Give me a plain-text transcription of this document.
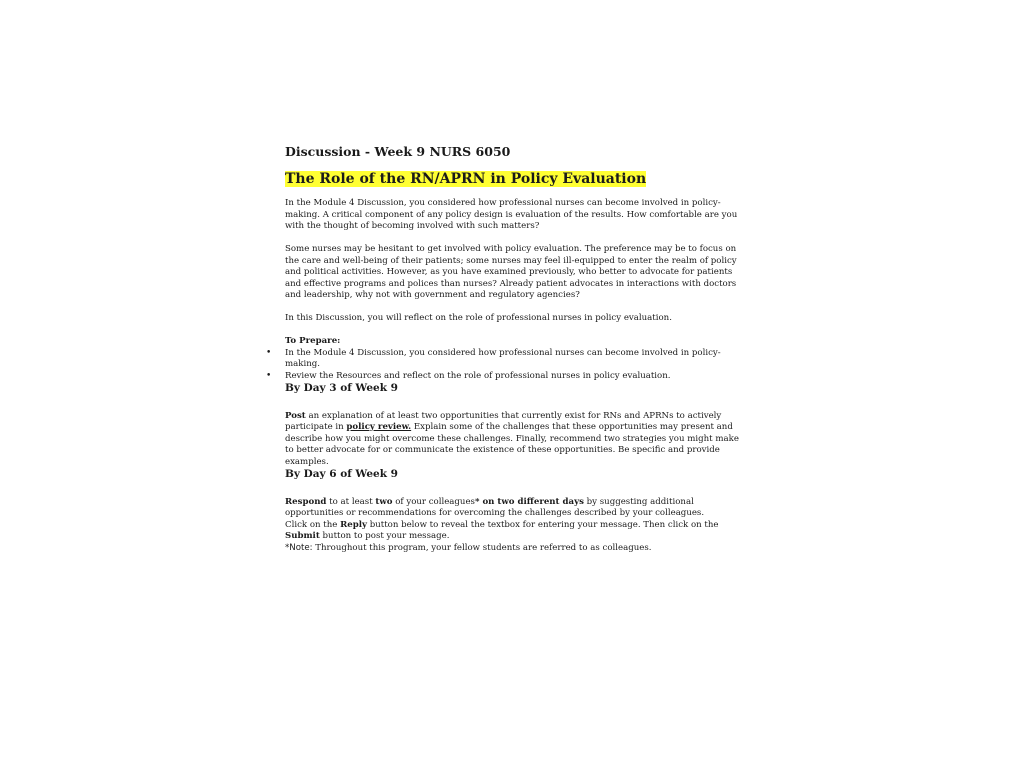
Discussion - Week 9 NURS 6050
The Role of the RN/APRN in Policy Evaluation

In the Module 4 Discussion, you considered how professional nurses can become involved in policy-making. A critical component of any policy design is evaluation of the results. How comfortable are you with the thought of becoming involved with such matters?

Some nurses may be hesitant to get involved with policy evaluation. The preference may be to focus on the care and well-being of their patients; some nurses may feel ill-equipped to enter the realm of policy and political activities. However, as you have examined previously, who better to advocate for patients and effective programs and polices than nurses? Already patient advocates in interactions with doctors and leadership, why not with government and regulatory agencies?

In this Discussion, you will reflect on the role of professional nurses in policy evaluation.

To Prepare:
• In the Module 4 Discussion, you considered how professional nurses can become involved in policy-making.
• Review the Resources and reflect on the role of professional nurses in policy evaluation.
By Day 3 of Week 9
Post an explanation of at least two opportunities that currently exist for RNs and APRNs to actively participate in policy review. Explain some of the challenges that these opportunities may present and describe how you might overcome these challenges. Finally, recommend two strategies you might make to better advocate for or communicate the existence of these opportunities. Be specific and provide examples.
By Day 6 of Week 9
Respond to at least two of your colleagues* on two different days by suggesting additional opportunities or recommendations for overcoming the challenges described by your colleagues.
Click on the Reply button below to reveal the textbox for entering your message. Then click on the Submit button to post your message.
*Note: Throughout this program, your fellow students are referred to as colleagues.
